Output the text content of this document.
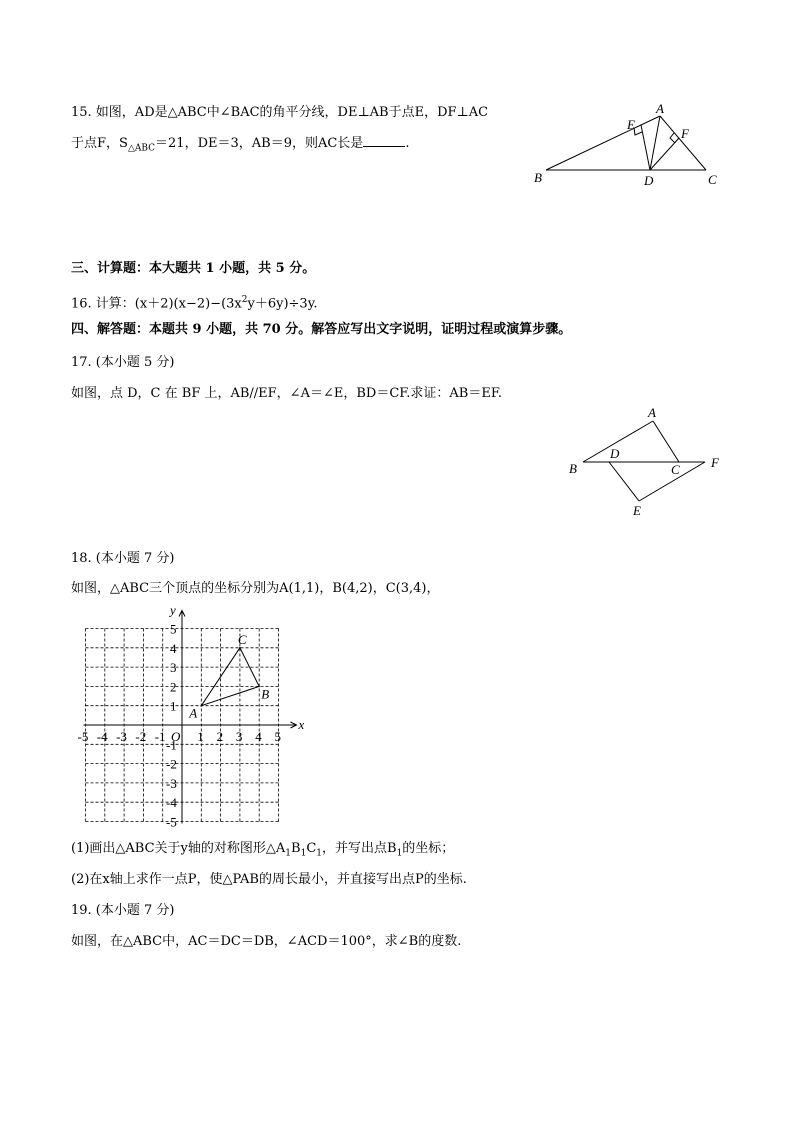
15. 如图，AD是△ABC中∠BAC的角平分线，DE⊥AB于点E，DF⊥AC
于点F，$S_{\triangle ABC}=21$，DE＝3，AB＝9，则AC长是	.
A
B	C
D
E
F
三、计算题：本大题共 1 小题，共 5 分。
16. 计算：$(x+2)(x-2)-(3x^2y+6y)\div 3y$.
四、解答题：本题共 9 小题，共 70 分。解答应写出文字说明，证明过程或演算步骤。
17. (本小题 5 分)
如图，点 D，C 在 BF 上，AB//EF，∠A＝∠E，BD＝CF.求证：AB＝EF.
A
B	C
D
E
F
18. (本小题 7 分)
如图，△ABC三个顶点的坐标分别为A(1,1)，B(4,2)，C(3,4)，
x
y
-5 -4 -3 -2 -1 1 2 3 4 5
5
4
3
2
1
-1
-2
-3
-4
-5
O
A
B
C
(1)画出△ABC关于y轴的对称图形$\triangle A_1B_1C_1$，并写出点$B_1$的坐标；
(2)在x轴上求作一点P，使△PAB的周长最小，并直接写出点P的坐标.
19. (本小题 7 分)
如图，在△ABC中，AC＝DC＝DB，∠ACD＝100°，求∠B的度数.
